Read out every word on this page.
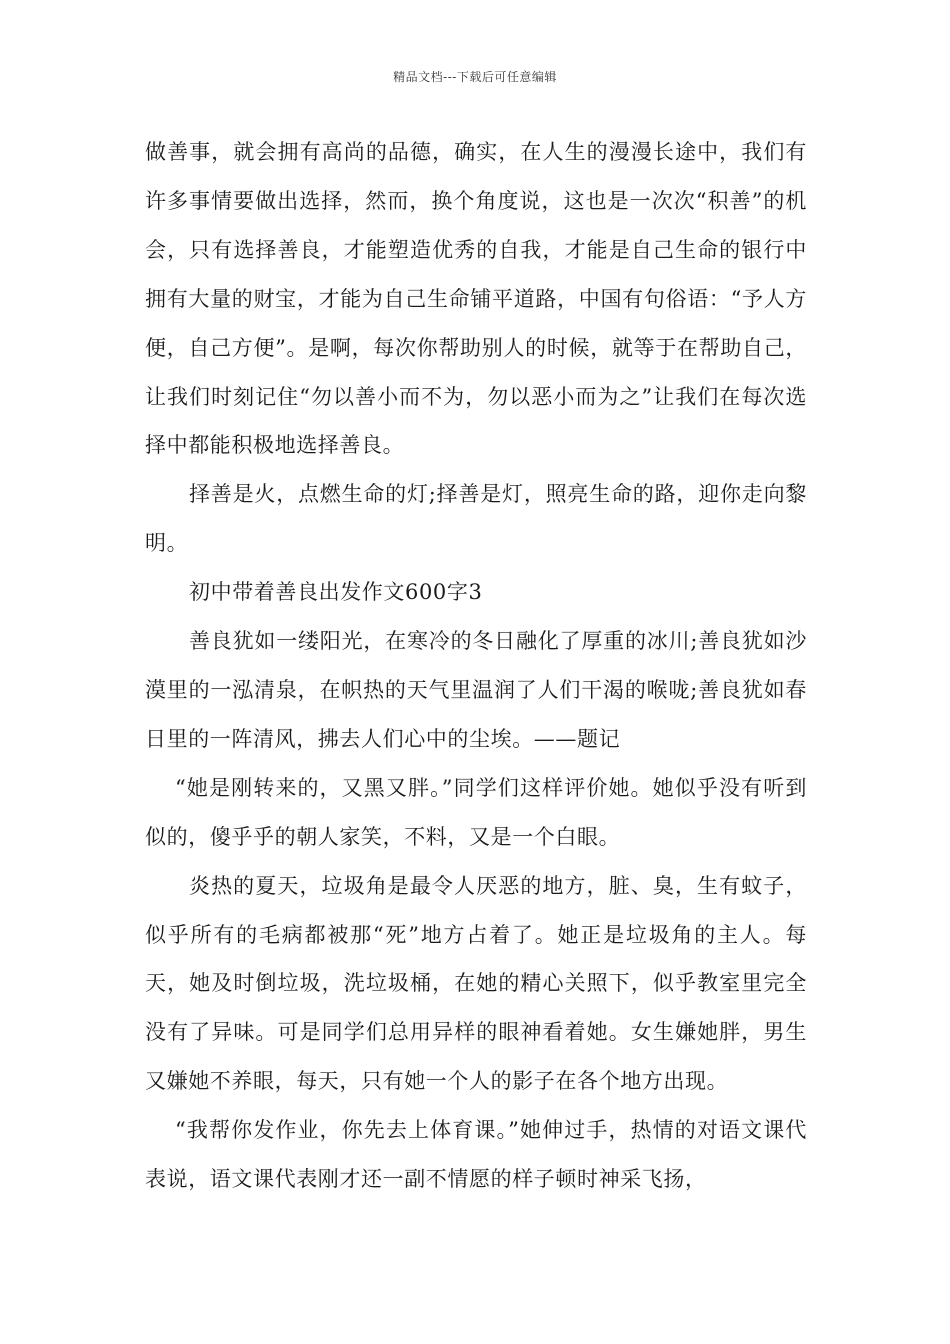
精品文档---下载后可任意编辑

做善事，就会拥有高尚的品德，确实，在人生的漫漫长途中，我们有许多事情要做出选择，然而，换个角度说，这也是一次次“积善”的机会，只有选择善良，才能塑造优秀的自我，才能是自己生命的银行中拥有大量的财宝，才能为自己生命铺平道路，中国有句俗语：“予人方便，自己方便”。是啊，每次你帮助别人的时候，就等于在帮助自己，让我们时刻记住“勿以善小而不为，勿以恶小而为之”让我们在每次选择中都能积极地选择善良。

择善是火，点燃生命的灯;择善是灯，照亮生命的路，迎你走向黎明。

初中带着善良出发作文600字3

善良犹如一缕阳光，在寒冷的冬日融化了厚重的冰川;善良犹如沙漠里的一泓清泉，在帜热的天气里温润了人们干渴的喉咙;善良犹如春日里的一阵清风，拂去人们心中的尘埃。——题记

“她是刚转来的，又黑又胖。”同学们这样评价她。她似乎没有听到似的，傻乎乎的朝人家笑，不料，又是一个白眼。

炎热的夏天，垃圾角是最令人厌恶的地方，脏、臭，生有蚊子，似乎所有的毛病都被那“死”地方占着了。她正是垃圾角的主人。每天，她及时倒垃圾，洗垃圾桶，在她的精心关照下，似乎教室里完全没有了异味。可是同学们总用异样的眼神看着她。女生嫌她胖，男生又嫌她不养眼，每天，只有她一个人的影子在各个地方出现。

“我帮你发作业，你先去上体育课。”她伸过手，热情的对语文课代表说，语文课代表刚才还一副不情愿的样子顿时神采飞扬，
